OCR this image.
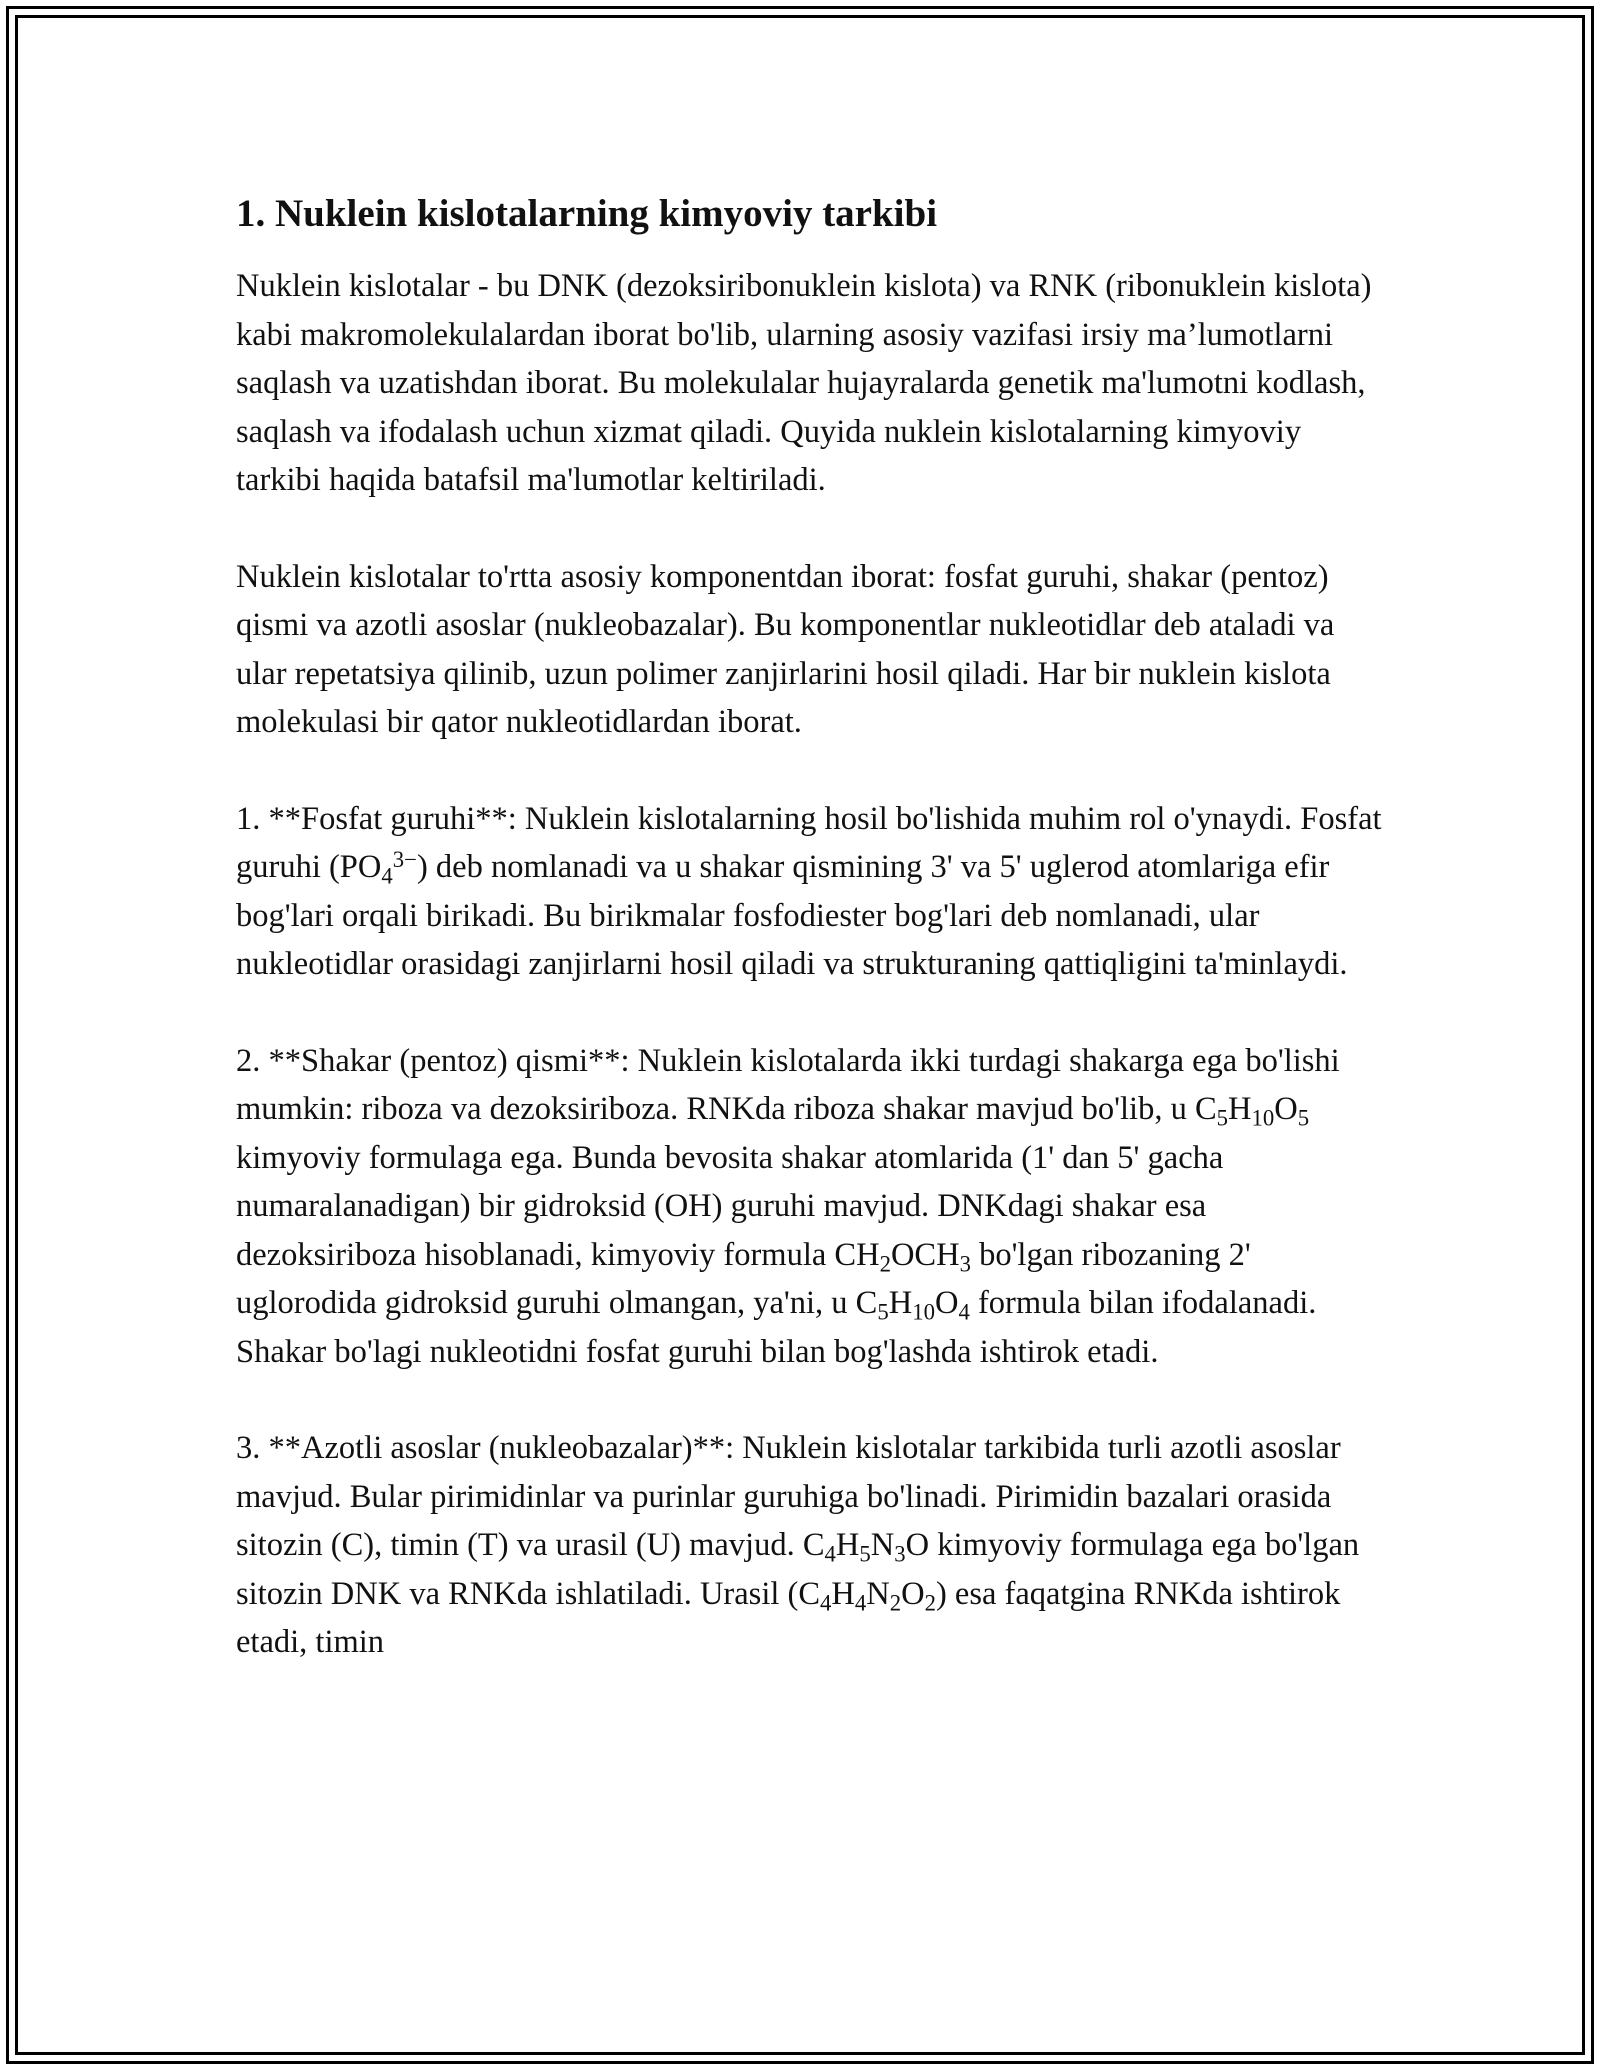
1. Nuklein kislotalarning kimyoviy tarkibi

Nuklein kislotalar - bu DNK (dezoksiribonuklein kislota) va RNK (ribonuklein kislota) kabi makromolekulalardan iborat bo'lib, ularning asosiy vazifasi irsiy ma’lumotlarni saqlash va uzatishdan iborat. Bu molekulalar hujayralarda genetik ma'lumotni kodlash, saqlash va ifodalash uchun xizmat qiladi. Quyida nuklein kislotalarning kimyoviy tarkibi haqida batafsil ma'lumotlar keltiriladi.

Nuklein kislotalar to'rtta asosiy komponentdan iborat: fosfat guruhi, shakar (pentoz) qismi va azotli asoslar (nukleobazalar). Bu komponentlar nukleotidlar deb ataladi va ular repetatsiya qilinib, uzun polimer zanjirlarini hosil qiladi. Har bir nuklein kislota molekulasi bir qator nukleotidlardan iborat.

1. **Fosfat guruhi**: Nuklein kislotalarning hosil bo'lishida muhim rol o'ynaydi. Fosfat guruhi $(PO_4^{3-})$ deb nomlanadi va u shakar qismining 3' va 5' uglerod atomlariga efir bog'lari orqali birikadi. Bu birikmalar fosfodiester bog'lari deb nomlanadi, ular nukleotidlar orasidagi zanjirlarni hosil qiladi va strukturaning qattiqligini ta'minlaydi.

2. **Shakar (pentoz) qismi**: Nuklein kislotalarda ikki turdagi shakarga ega bo'lishi mumkin: riboza va dezoksiriboza. RNKda riboza shakar mavjud bo'lib, u $C_5H_{10}O_5$ kimyoviy formulaga ega. Bunda bevosita shakar atomlarida (1' dan 5' gacha numaralanadigan) bir gidroksid (OH) guruhi mavjud. DNKdagi shakar esa dezoksiriboza hisoblanadi, kimyoviy formula $CH_2OCH_3$ bo'lgan ribozaning 2' uglorodida gidroksid guruhi olmangan, ya'ni, u $C_5H_{10}O_4$ formula bilan ifodalanadi. Shakar bo'lagi nukleotidni fosfat guruhi bilan bog'lashda ishtirok etadi.

3. **Azotli asoslar (nukleobazalar)**: Nuklein kislotalar tarkibida turli azotli asoslar mavjud. Bular pirimidinlar va purinlar guruhiga bo'linadi. Pirimidin bazalari orasida sitozin (C), timin (T) va urasil (U) mavjud. $C_4H_5N_3O$ kimyoviy formulaga ega bo'lgan sitozin DNK va RNKda ishlatiladi. Urasil $(C_4H_4N_2O_2)$ esa faqatgina RNKda ishtirok etadi, timin
